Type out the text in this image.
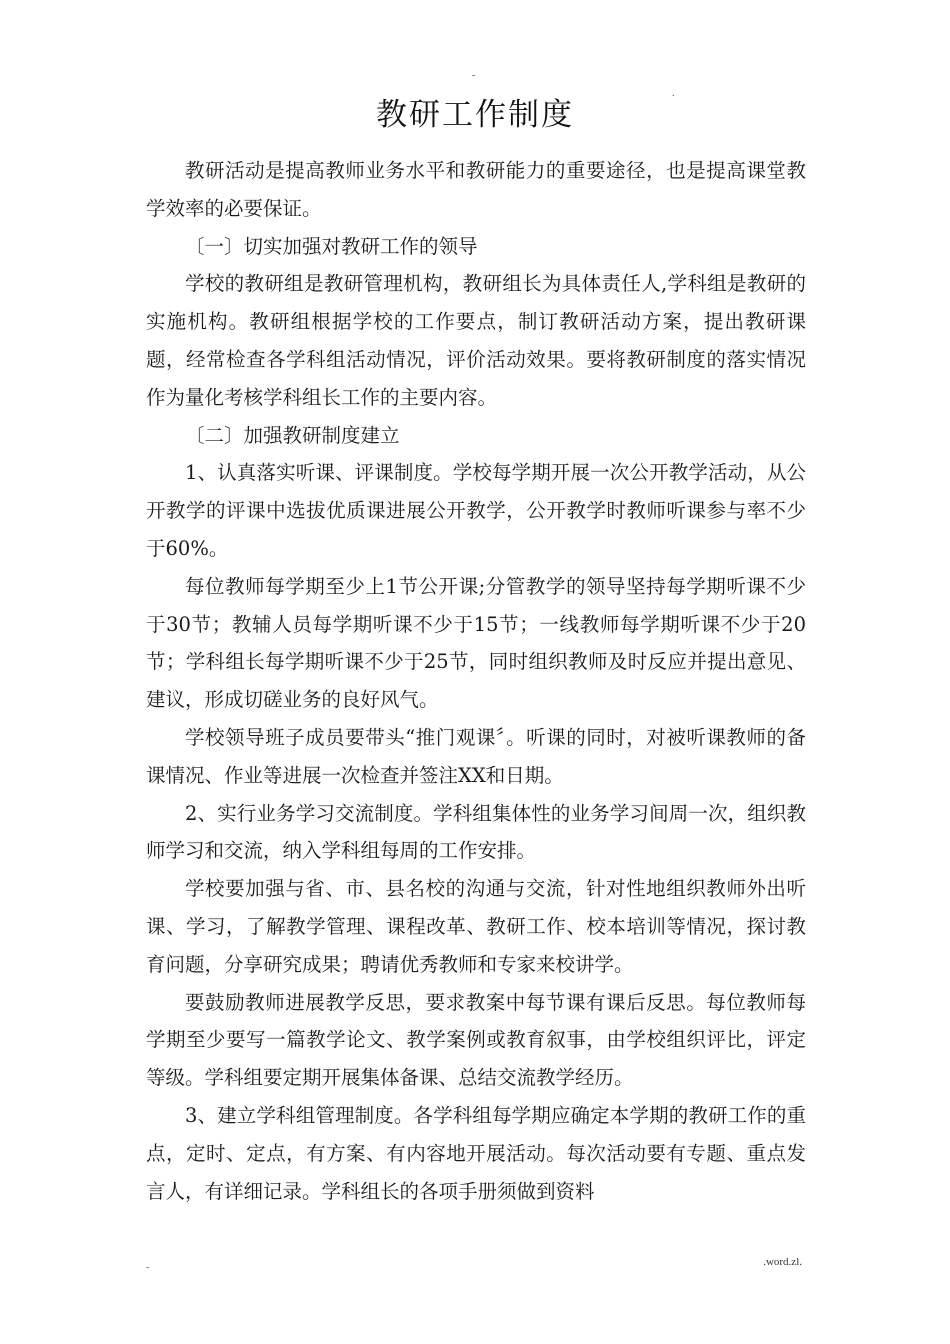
-
.
教研工作制度

教研活动是提高教师业务水平和教研能力的重要途径，也是提高课堂教学效率的必要保证。

〔一〕切实加强对教研工作的领导

学校的教研组是教研管理机构，教研组长为具体责任人,学科组是教研的实施机构。教研组根据学校的工作要点，制订教研活动方案，提出教研课题，经常检查各学科组活动情况，评价活动效果。要将教研制度的落实情况作为量化考核学科组长工作的主要内容。

〔二〕加强教研制度建立

1、认真落实听课、评课制度。学校每学期开展一次公开教学活动，从公开教学的评课中选拔优质课进展公开教学，公开教学时教师听课参与率不少于60%。

每位教师每学期至少上1节公开课;分管教学的领导坚持每学期听课不少于30节；教辅人员每学期听课不少于15节；一线教师每学期听课不少于20节；学科组长每学期听课不少于25节，同时组织教师及时反应并提出意见、建议，形成切磋业务的良好风气。

学校领导班子成员要带头“推门观课〞。听课的同时，对被听课教师的备课情况、作业等进展一次检查并签注XX和日期。

2、实行业务学习交流制度。学科组集体性的业务学习间周一次，组织教师学习和交流，纳入学科组每周的工作安排。

学校要加强与省、市、县名校的沟通与交流，针对性地组织教师外出听课、学习，了解教学管理、课程改革、教研工作、校本培训等情况，探讨教育问题，分享研究成果；聘请优秀教师和专家来校讲学。

要鼓励教师进展教学反思，要求教案中每节课有课后反思。每位教师每学期至少要写一篇教学论文、教学案例或教育叙事，由学校组织评比，评定等级。学科组要定期开展集体备课、总结交流教学经历。

3、建立学科组管理制度。各学科组每学期应确定本学期的教研工作的重点，定时、定点，有方案、有内容地开展活动。每次活动要有专题、重点发言人，有详细记录。学科组长的各项手册须做到资料

-	.word.zl.
